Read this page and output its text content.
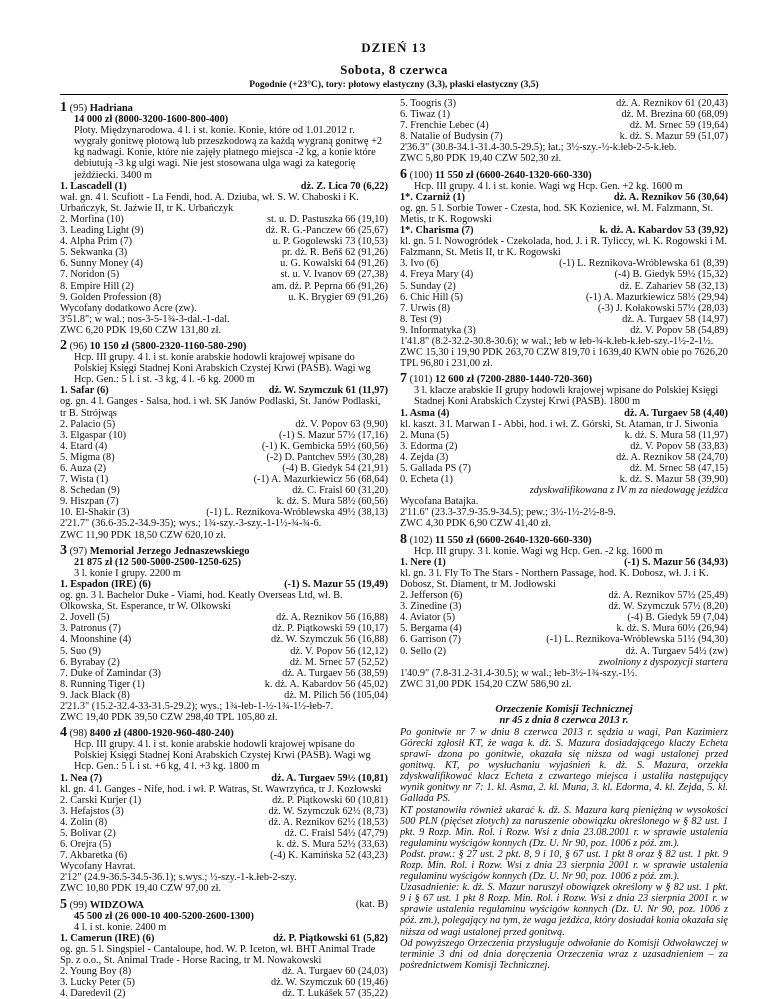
DZIEŃ 13
Sobota, 8 czerwca
Pogodnie (+23°C), tory: płotowy elastyczny (3,3), płaski elastyczny (3,5)
1 (95) Hadriana
14 000 zł (8000-3200-1600-800-400)
Płoty. Międzynarodowa. 4 l. i st. konie. Konie, które od 1.01.2012 r. wygrały gonitwę płotową lub przeszkodową za każdą wygraną gonitwę +2 kg nadwagi. Konie, które nie zajęły płatnego miejsca -2 kg, a konie które debiutują -3 kg ulgi wagi. Nie jest stosowana ulga wagi za kategorię jeźdźiecki. 3400 m
1. Lascadell (1)	dż. Z. Lica 70 (6,22)
wał. gn. 4 l. Scufiott - La Fendi, hod. A. Dziuba, wł. S. W. Chaboski i K. Urbańczyk, St. Jaźwie II, tr K. Urbańczyk
2. Morfina (10)	st. u. D. Pastuszka 66 (19,10)
3. Leading Light (9)	dż. R. G.-Panczew 66 (25,67)
4. Alpha Prim (7)	u. P. Gogolewski 73 (10,53)
5. Sekwanka (3)	pr. dż. R. Beňš 62 (91,26)
6. Sunny Money (4)	u. G. Kowalski 64 (91,26)
7. Noridon (5)	st. u. V. Ivanov 69 (27,38)
8. Empire Hill (2)	am. dż. P. Peprna 66 (91,26)
9. Golden Profession (8)	u. K. Brygier 69 (91,26)
Wycofany dodatkowo Acre (zw).
3'51.8"; w wal.; nos-3-5-1¾-3-dal.-1-dal.
ZWC 6,20 PDK 19,60 CZW 131,80 zł.
2 (96) 10 150 zł (5800-2320-1160-580-290)
Hcp. III grupy. 4 l. i st. konie arabskie hodowli krajowej wpisane do Polskiej Księgi Stadnej Koni Arabskich Czystej Krwi (PASB). Wagi wg Hcp. Gen.: 5 l. i st. -3 kg, 4 l. -6 kg. 2000 m
1. Safar (6)	dż. W. Szymczuk 61 (11,97)
og. gn. 4 l. Ganges - Salsa, hod. i wł. SK Janów Podlaski, St. Janów Podlaski, tr B. Strójwąs
2. Palacio (5)	dż. V. Popov 63 (9,90)
3. Elgaspar (10)	(-1) S. Mazur 57½ (17,16)
4. Etard (4)	(-1) K. Gembicka 59½ (60,56)
5. Migma (8)	(-2) D. Pantchev 59½ (30,28)
6. Auza (2)	(-4) B. Giedyk 54 (21,91)
7. Wista (1)	(-1) A. Mazurkiewicz 56 (68,64)
8. Schedan (9)	dż. C. Fraisl 60 (31,20)
9. Hiszpan (7)	k. dż. S. Mura 58½ (60,56)
10. El-Shakir (3)	(-1) L. Reznikova-Wróblewska 49½ (38,13)
2'21.7" (36.6-35.2-34.9-35); wys.; 1¾-szy.-3-szy.-1-1½-¾-¾-6.
ZWC 11,90 PDK 18,50 CZW 620,10 zł.
3 (97) Memorial Jerzego Jednaszewskiego
21 875 zł (12 500-5000-2500-1250-625)
3 l. konie I grupy. 2200 m
1. Espadon (IRE) (6)	(-1) S. Mazur 55 (19,49)
og. gn. 3 l. Bachelor Duke - Viami, hod. Keatly Overseas Ltd, wł. B. Olkowska, St. Esperance, tr W. Olkowski
2. Jovell (5)	dż. A. Reznikov 56 (16,88)
3. Patronus (7)	dż. P. Piątkowski 59 (10,17)
4. Moonshine (4)	dż. W. Szymczuk 56 (16,88)
5. Suo (9)	dż. V. Popov 56 (12,12)
6. Byrabay (2)	dż. M. Srnec 57 (52,52)
7. Duke of Zamindar (3)	dż. A. Turgaev 56 (38,59)
8. Running Tiger (1)	k. dż. A. Kabardov 56 (45,02)
9. Jack Black (8)	dż. M. Pilich 56 (105,04)
2'21.3" (15.2-32.4-33-31.5-29.2); wys.; 1¾-łeb-1-½-1¾-1½-łeb-7.
ZWC 19,40 PDK 39,50 CZW 298,40 TPL 105,80 zł.
4 (98) 8400 zł (4800-1920-960-480-240)
Hcp. III grupy. 4 l. i st. konie arabskie hodowli krajowej wpisane do Polskiej Księgi Stadnej Koni Arabskich Czystej Krwi (PASB). Wagi wg Hcp. Gen.: 5 l. i st. +6 kg, 4 l. +3 kg. 1800 m
1. Nea (7)	dż. A. Turgaev 59½ (10,81)
kl. gn. 4 l. Ganges - Nife, hod. i wł. P. Watras, St. Wawrzyńca, tr J. Kozłowski
2. Carski Kurjer (1)	dż. P. Piątkowski 60 (10,81)
3. Hefajstos (3)	dż. W. Szymczuk 62½ (8,73)
4. Zolin (8)	dż. A. Reznikov 62½ (18,53)
5. Bolivar (2)	dż. C. Fraisl 54½ (47,79)
6. Orejra (5)	k. dż. S. Mura 52½ (33,63)
7. Akbaretka (6)	(-4) K. Kamińska 52 (43,23)
Wycofany Havrat.
2'12" (24.9-36.5-34.5-36.1); s.wys.; ½-szy.-1-k.łeb-2-szy.
ZWC 10,80 PDK 19,40 CZW 97,00 zł.
5 (99) WIDZOWA	(kat. B)
45 500 zł (26 000-10 400-5200-2600-1300)
4 l. i st. konie. 2400 m
1. Camerun (IRE) (6)	dż. P. Piątkowski 61 (5,82)
og. gn. 5 l. Singspiel - Cantaloupe, hod. W. P. Iceton, wł. BHT Animal Trade Sp. z o.o., St. Animal Trade - Horse Racing, tr M. Nowakowski
2. Young Boy (8)	dż. A. Turgaev 60 (24,03)
3. Lucky Peter (5)	dż. W. Szymczuk 60 (19,46)
4. Daredevil (2)	dż. T. Lukášek 57 (35,22)
5. Toogris (3)	dż. A. Reznikov 61 (20,43)
6. Tiwaz (1)	dż. M. Brezina 60 (68,09)
7. Frenchie Lebec (4)	dż. M. Srnec 59 (19,64)
8. Natalie of Budysin (7)	k. dż. S. Mazur 59 (51,07)
2'36.3" (30.8-34.1-31.4-30.5-29.5); łat.; 3½-szy.-½-k.łeb-2-5-k.łeb.
ZWC 5,80 PDK 19,40 CZW 502,30 zł.
6 (100) 11 550 zł (6600-2640-1320-660-330)
Hcp. III grupy. 4 l. i st. konie. Wagi wg Hcp. Gen. +2 kg. 1600 m
1*. Czarniż (1)	dż. A. Reznikov 56 (30,64)
og. gn. 5 l. Sorbie Tower - Czesta, hod. SK Kozienice, wł. M. Falzmann, St. Metis, tr K. Rogowski
1*. Charisma (7)	k. dż. A. Kabardov 53 (39,92)
kl. gn. 5 l. Nowogródek - Czekolada, hod. J. i R. Tyliccy, wł. K. Rogowski i M. Falzmann, St. Metis II, tr K. Rogowski
3. Ivo (6)	(-1) L. Reznikova-Wróblewska 61 (8,39)
4. Freya Mary (4)	(-4) B. Giedyk 59½ (15,32)
5. Sunday (2)	dż. E. Zahariev 58 (32,13)
6. Chic Hill (5)	(-1) A. Mazurkiewicz 58½ (29,94)
7. Urwis (8)	(-3) J. Kołakowski 57½ (28,03)
8. Test (9)	dż. A. Turgaev 58 (14,97)
9. Informatyka (3)	dż. V. Popov 58 (54,89)
1'41.8" (8.2-32.2-30.8-30.6); w wal.; łeb w łeb-¾-k.łeb-k.łeb-szy.-1½-2-1½.
ZWC 15,30 i 19,90 PDK 263,70 CZW 819,70 i 1639,40 KWN obie po 7626,20 TPL 96,80 i 231,00 zł.
7 (101) 12 600 zł (7200-2880-1440-720-360)
3 l. klacze arabskie II grupy hodowli krajowej wpisane do Polskiej Księgi Stadnej Koni Arabskich Czystej Krwi (PASB). 1800 m
1. Asma (4)	dż. A. Turgaev 58 (4,40)
kl. kaszt. 3 l. Marwan I - Abbi, hod. i wł. Z. Górski, St. Ataman, tr J. Siwonia
2. Muna (5)	k. dż. S. Mura 58 (11,97)
3. Edorma (2)	dż. V. Popov 58 (33,83)
4. Zejda (3)	dż. A. Reznikov 58 (24,70)
5. Gallada PS (7)	dż. M. Srnec 58 (47,15)
0. Echeta (1)	k. dż. S. Mazur 58 (39,90)
zdyskwalifikowana z IV m za niedowagę jeźdźca
Wycofana Batajka.
2'11.6" (23.3-37.9-35.9-34.5); pew.; 3½-1½-2½-8-9.
ZWC 4,30 PDK 6,90 CZW 41,40 zł.
8 (102) 11 550 zł (6600-2640-1320-660-330)
Hcp. III grupy. 3 l. konie. Wagi wg Hcp. Gen. -2 kg. 1600 m
1. Nere (1)	(-1) S. Mazur 56 (34,93)
kl. gn. 3 l. Fly To The Stars - Northern Passage, hod. K. Dobosz, wł. J. i K. Dobosz, St. Diament, tr M. Jodłowski
2. Jefferson (6)	dż. A. Reznikov 57½ (25,49)
3. Zinedine (3)	dż. W. Szymczuk 57½ (8,20)
4. Aviator (5)	(-4) B. Giedyk 59 (7,04)
5. Bergama (4)	k. dż. S. Mura 60½ (26,94)
6. Garrison (7)	(-1) L. Reznikova-Wróblewska 51½ (94,30)
0. Sello (2)	dż. A. Turgaev 54½ (zw)
zwolniony z dyspozycji startera
1'40.9" (7.8-31.2-31.4-30.5); w wal.; łeb-3½-1¾-szy.-1½.
ZWC 31,00 PDK 154,20 CZW 586,90 zł.
Orzeczenie Komisji Technicznej
nr 45 z dnia 8 czerwca 2013 r.

Po gonitwie nr 7 w dniu 8 czerwca 2013 r. sędzia u wagi, Pan Kazimierz Górecki zgłosił KT, że waga k. dż. S. Mazura dosiadającego klaczy Echeta sprawi- dzona po gonitwie, okazała się niższa od wagi ustalonej przed gonitwą. KT, po wysłuchaniu wyjaśnień k. dż. S. Mazura, orzekła zdyskwalifikować klacz Echeta z czwartego miejsca i ustaliła następujący wynik gonitwy nr 7: 1. kl. Asma, 2. kl. Muna, 3. kl. Edorma, 4. kl. Zejda, 5. kl. Gallada PS.

KT postanowiła również ukarać k. dż. S. Mazura karą pieniężną w wysokości 500 PLN (pięćset złotych) za naruszenie obowiązku określonego w § 82 ust. 1 pkt. 9 Rozp. Min. Rol. i Rozw. Wsi z dnia 23.08.2001 r. w sprawie ustalenia regulaminu wyścigów konnych (Dz. U. Nr 90, poz. 1006 z póź. zm.).

Podst. praw.: § 27 ust. 2 pkt. 8, 9 i 10, § 67 ust. 1 pkt 8 oraz § 82 ust. 1 pkt. 9 Rozp. Min. Rol. i Rozw. Wsi z dnia 23 sierpnia 2001 r. w sprawie ustalenia regulaminu wyścigów konnych (Dz. U. Nr 90, poz. 1006 z póź. zm.).

Uzasadnienie: k. dż. S. Mazur naruszył obowiązek określony w § 82 ust. 1 pkt. 9 i § 67 ust. 1 pkt 8 Rozp. Min. Rol. i Rozw. Wsi z dnia 23 sierpnia 2001 r. w sprawie ustalenia regulaminu wyścigów konnych (Dz. U. Nr 90, poz. 1006 z póź. zm.), polegający na tym, że waga jeźdźca, który dosiadał konia okazała się niższa od wagi ustalonej przed gonitwą.

Od powyższego Orzeczenia przysługuje odwołanie do Komisji Odwoławczej w terminie 3 dni od dnia doręczenia Orzeczenia wraz z uzasadnieniem – za pośrednictwem Komisji Technicznej.
